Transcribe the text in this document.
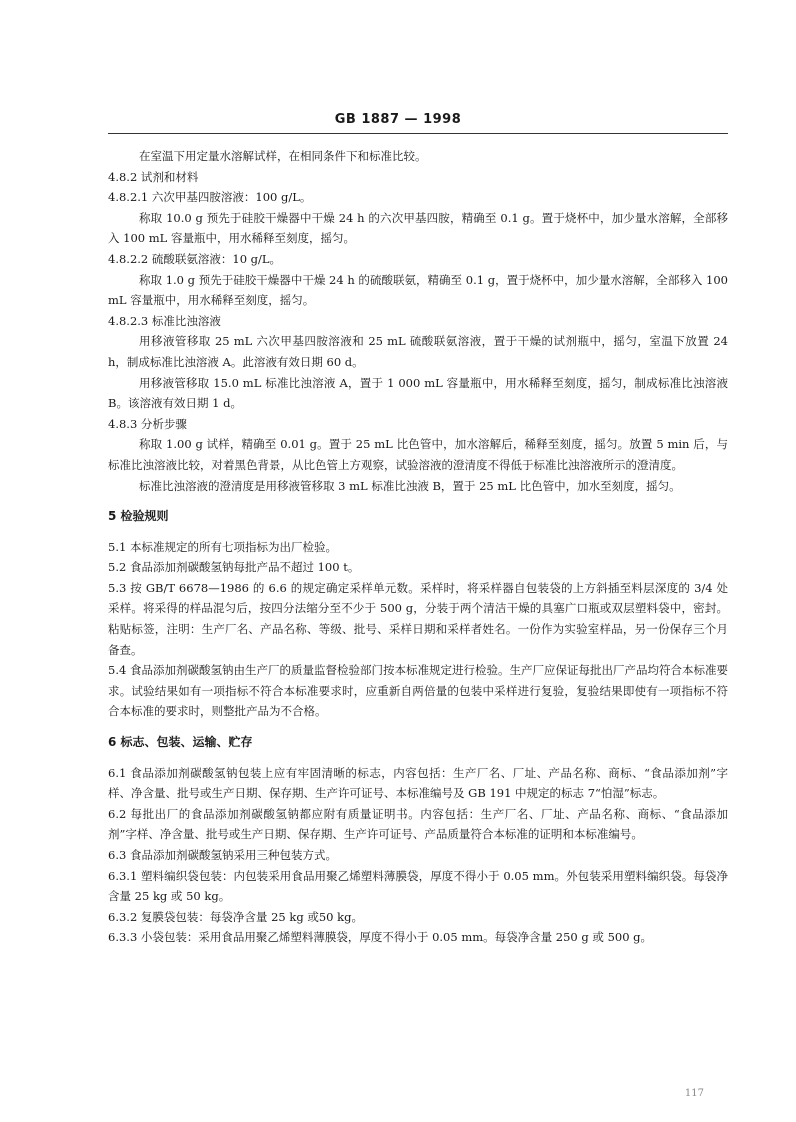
GB 1887 — 1998

在室温下用定量水溶解试样，在相同条件下和标准比较。

4.8.2 试剂和材料

4.8.2.1 六次甲基四胺溶液：100 g/L。

称取 10.0 g 预先于硅胶干燥器中干燥 24 h 的六次甲基四胺，精确至 0.1 g。置于烧杯中，加少量水溶解，全部移入 100 mL 容量瓶中，用水稀释至刻度，摇匀。

4.8.2.2 硫酸联氨溶液：10 g/L。

称取 1.0 g 预先于硅胶干燥器中干燥 24 h 的硫酸联氨，精确至 0.1 g，置于烧杯中，加少量水溶解，全部移入 100 mL 容量瓶中，用水稀释至刻度，摇匀。

4.8.2.3 标准比浊溶液

用移液管移取 25 mL 六次甲基四胺溶液和 25 mL 硫酸联氨溶液，置于干燥的试剂瓶中，摇匀，室温下放置 24 h，制成标准比浊溶液 A。此溶液有效日期 60 d。

用移液管移取 15.0 mL 标准比浊溶液 A，置于 1 000 mL 容量瓶中，用水稀释至刻度，摇匀，制成标准比浊溶液 B。该溶液有效日期 1 d。

4.8.3 分析步骤

称取 1.00 g 试样，精确至 0.01 g。置于 25 mL 比色管中，加水溶解后，稀释至刻度，摇匀。放置 5 min 后，与标准比浊溶液比较，对着黑色背景，从比色管上方观察，试验溶液的澄清度不得低于标准比浊溶液所示的澄清度。

标准比浊溶液的澄清度是用移液管移取 3 mL 标准比浊液 B，置于 25 mL 比色管中，加水至刻度，摇匀。

5 检验规则

5.1 本标准规定的所有七项指标为出厂检验。

5.2 食品添加剂碳酸氢钠每批产品不超过 100 t。

5.3 按 GB/T 6678—1986 的 6.6 的规定确定采样单元数。采样时，将采样器自包装袋的上方斜插至料层深度的 3/4 处采样。将采得的样品混匀后，按四分法缩分至不少于 500 g，分装于两个清洁干燥的具塞广口瓶或双层塑料袋中，密封。粘贴标签，注明：生产厂名、产品名称、等级、批号、采样日期和采样者姓名。一份作为实验室样品，另一份保存三个月备查。

5.4 食品添加剂碳酸氢钠由生产厂的质量监督检验部门按本标准规定进行检验。生产厂应保证每批出厂产品均符合本标准要求。试验结果如有一项指标不符合本标准要求时，应重新自两倍量的包装中采样进行复验，复验结果即使有一项指标不符合本标准的要求时，则整批产品为不合格。

6 标志、包装、运输、贮存

6.1 食品添加剂碳酸氢钠包装上应有牢固清晰的标志，内容包括：生产厂名、厂址、产品名称、商标、“食品添加剂”字样、净含量、批号或生产日期、保存期、生产许可证号、本标准编号及 GB 191 中规定的标志 7“怕湿”标志。

6.2 每批出厂的食品添加剂碳酸氢钠都应附有质量证明书。内容包括：生产厂名、厂址、产品名称、商标、“食品添加剂”字样、净含量、批号或生产日期、保存期、生产许可证号、产品质量符合本标准的证明和本标准编号。

6.3 食品添加剂碳酸氢钠采用三种包装方式。

6.3.1 塑料编织袋包装：内包装采用食品用聚乙烯塑料薄膜袋，厚度不得小于 0.05 mm。外包装采用塑料编织袋。每袋净含量 25 kg 或 50 kg。

6.3.2 复膜袋包装：每袋净含量 25 kg 或50 kg。

6.3.3 小袋包装：采用食品用聚乙烯塑料薄膜袋，厚度不得小于 0.05 mm。每袋净含量 250 g 或 500 g。

117
